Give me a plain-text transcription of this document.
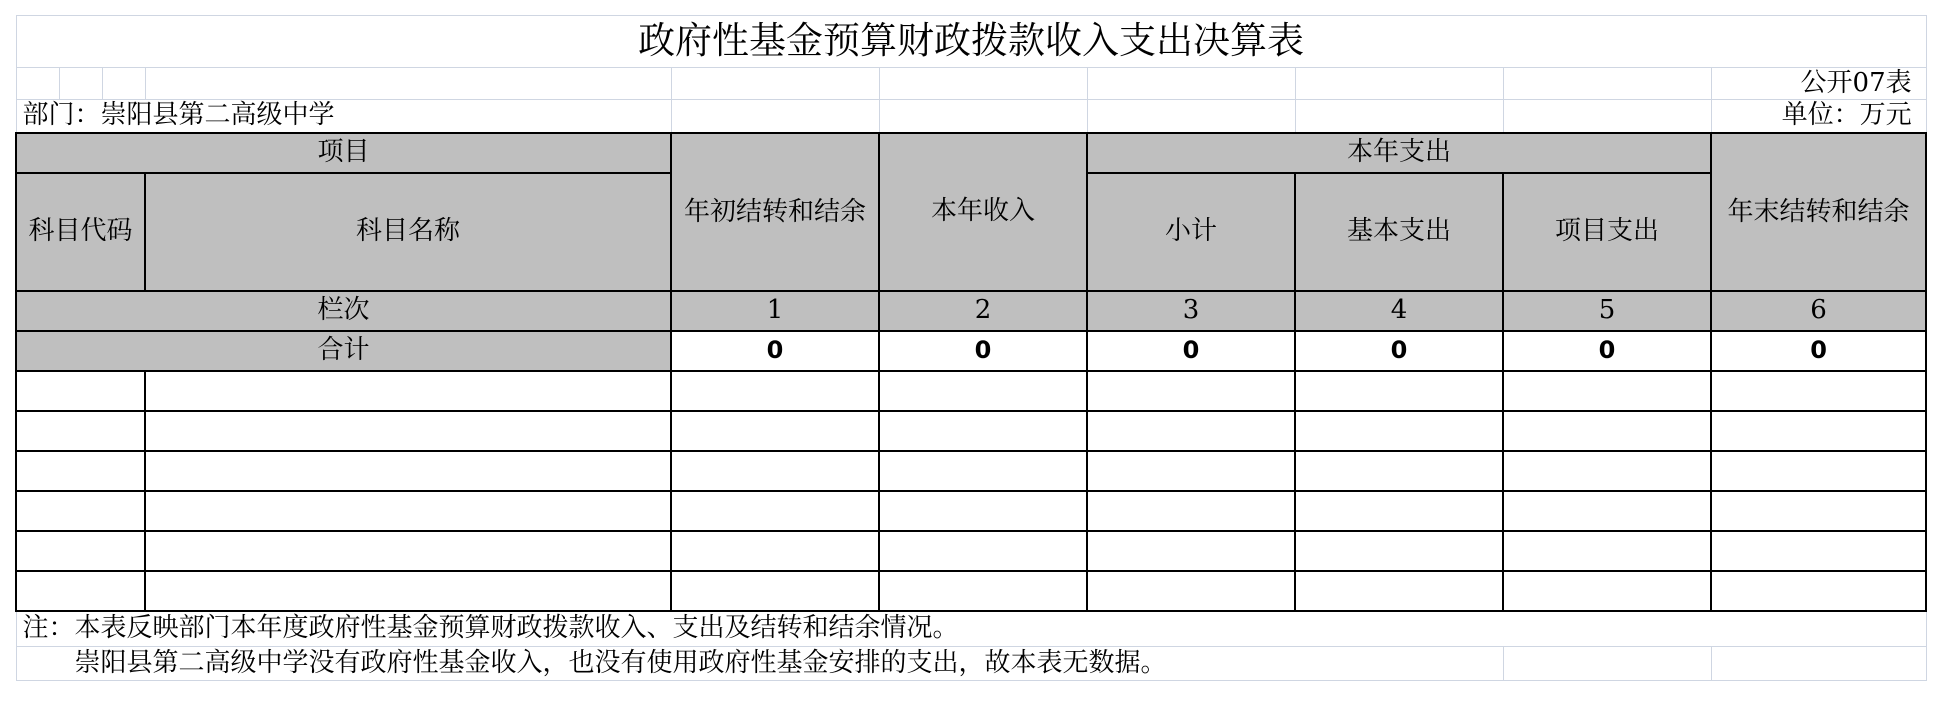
政府性基金预算财政拨款收入支出决算表									
									公开07表
部门：崇阳县第二高级中学									单位：万元
项目				年初结转和结余	本年收入	本年支出			年末结转和结余
科目代码			科目名称			小计	基本支出	项目支出	
栏次				1	2	3	4	5	6
合计				0	0	0	0	0	0

注：本表反映部门本年度政府性基金预算财政拨款收入、支出及结转和结余情况。									
　　崇阳县第二高级中学没有政府性基金收入，也没有使用政府性基金安排的支出，故本表无数据。									
